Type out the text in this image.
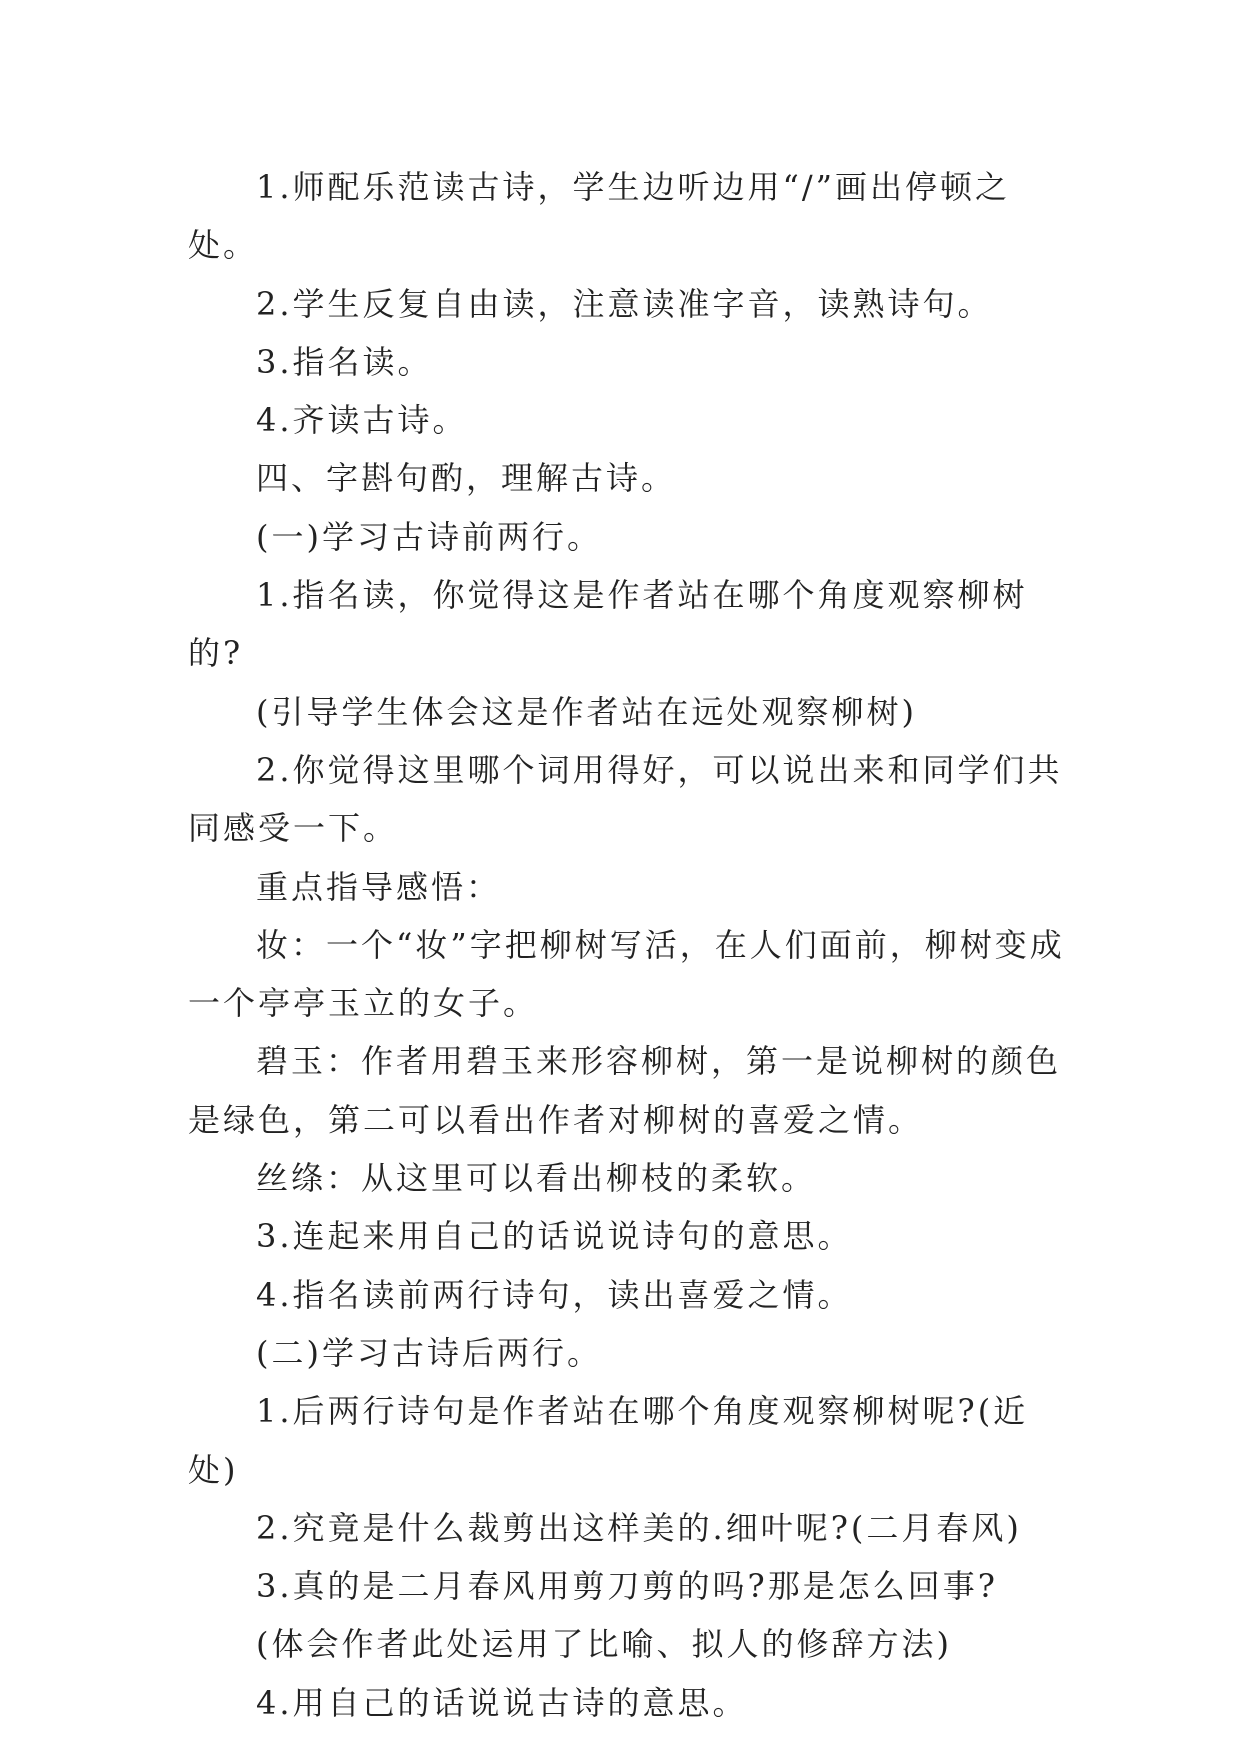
1.师配乐范读古诗，学生边听边用“/”画出停顿之处。

2.学生反复自由读，注意读准字音，读熟诗句。

3.指名读。

4.齐读古诗。

四、字斟句酌，理解古诗。

(一)学习古诗前两行。

1.指名读，你觉得这是作者站在哪个角度观察柳树的?

(引导学生体会这是作者站在远处观察柳树)

2.你觉得这里哪个词用得好，可以说出来和同学们共同感受一下。

重点指导感悟：

妆：一个“妆”字把柳树写活，在人们面前，柳树变成一个亭亭玉立的女子。

碧玉：作者用碧玉来形容柳树，第一是说柳树的颜色是绿色，第二可以看出作者对柳树的喜爱之情。

丝绦：从这里可以看出柳枝的柔软。

3.连起来用自己的话说说诗句的意思。

4.指名读前两行诗句，读出喜爱之情。

(二)学习古诗后两行。

1.后两行诗句是作者站在哪个角度观察柳树呢?(近处)

2.究竟是什么裁剪出这样美的.细叶呢?(二月春风)

3.真的是二月春风用剪刀剪的吗?那是怎么回事?

(体会作者此处运用了比喻、拟人的修辞方法)

4.用自己的话说说古诗的意思。
